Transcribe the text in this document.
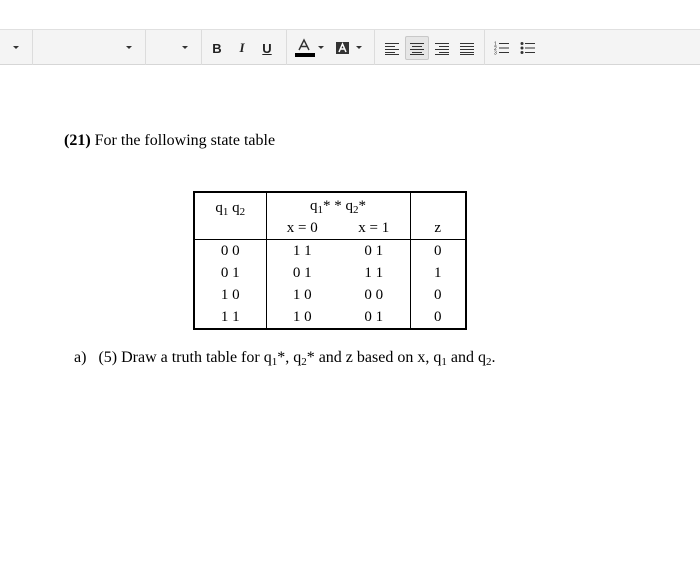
B I U	1
2
3
(21) For the following state table
$q_1$ $q_2$	$q_1* * q_2*$		z
	x = 0	x = 1	
0 0	1 1	0 1	0
0 1	0 1	1 1	1
1 0	1 0	0 0	0
1 1	1 0	0 1	0
a) (5) Draw a truth table for $q_1*$, $q_2*$ and z based on x, $q_1$ and $q_2$.
